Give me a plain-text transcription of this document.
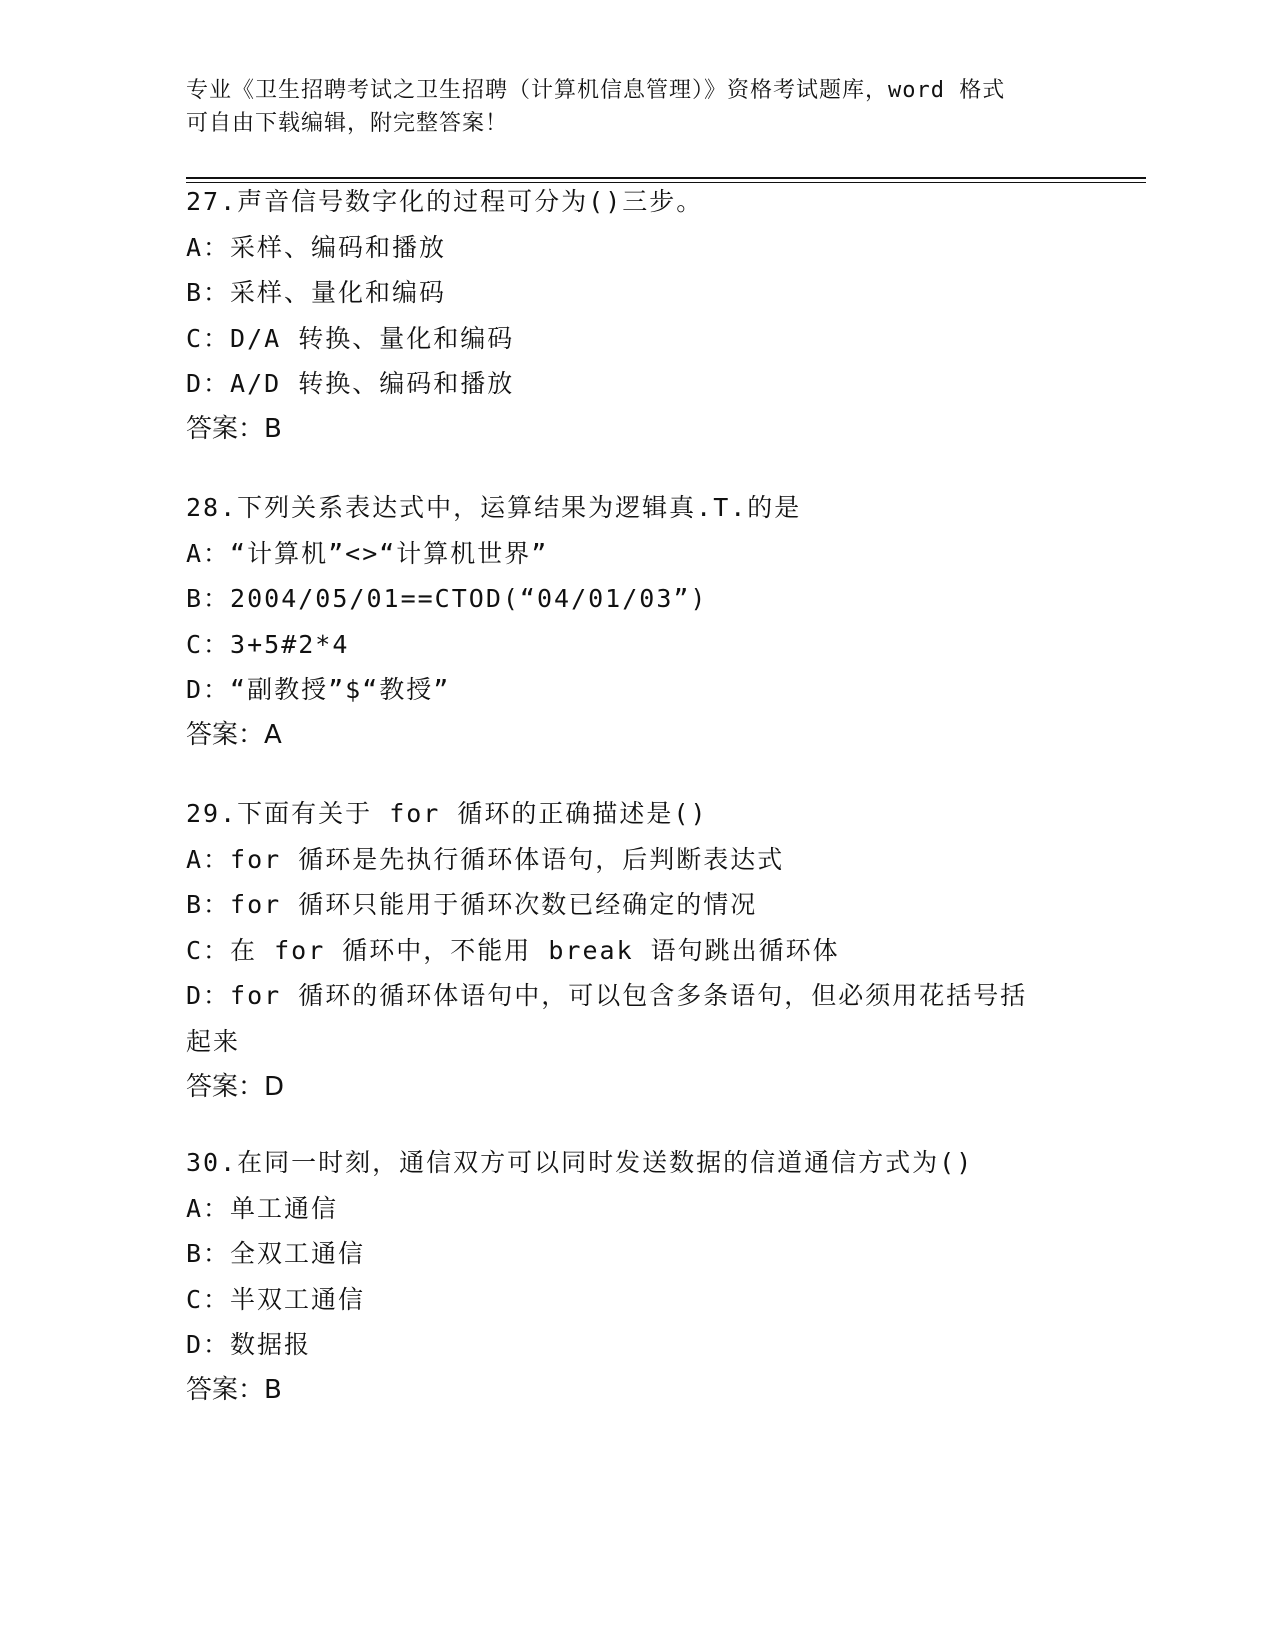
专业《卫生招聘考试之卫生招聘（计算机信息管理）》资格考试题库，word 格式
可自由下载编辑，附完整答案！
27.声音信号数字化的过程可分为()三步。
A：采样、编码和播放
B：采样、量化和编码
C：D/A 转换、量化和编码
D：A/D 转换、编码和播放
答案：B
28.下列关系表达式中，运算结果为逻辑真.T.的是
A：“计算机”<>“计算机世界”
B：2004/05/01==CTOD(“04/01/03”)
C：3+5#2*4
D：“副教授”$“教授”
答案：A
29.下面有关于 for 循环的正确描述是()
A：for 循环是先执行循环体语句，后判断表达式
B：for 循环只能用于循环次数已经确定的情况
C：在 for 循环中，不能用 break 语句跳出循环体
D：for 循环的循环体语句中，可以包含多条语句，但必须用花括号括
起来
答案：D
30.在同一时刻，通信双方可以同时发送数据的信道通信方式为()
A：单工通信
B：全双工通信
C：半双工通信
D：数据报
答案：B
